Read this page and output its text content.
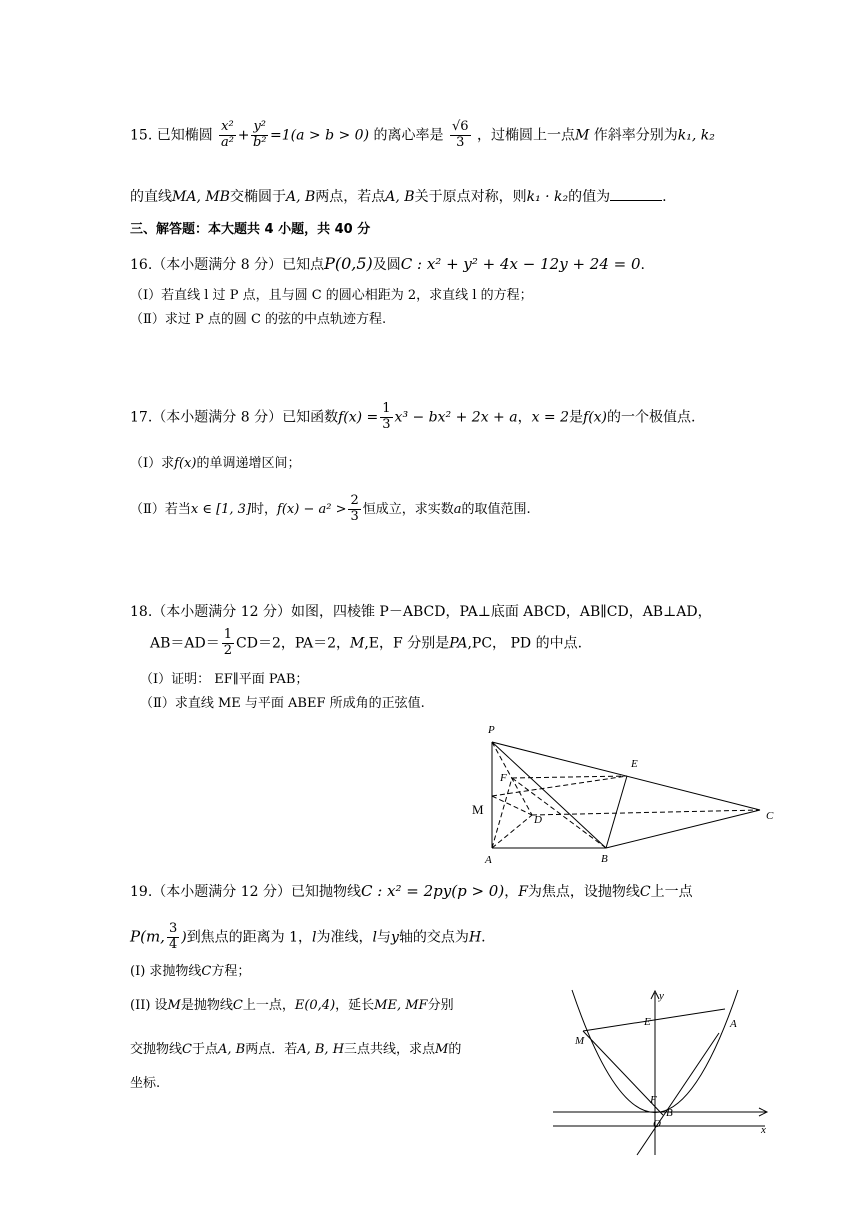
15. 已知椭圆 $\frac{\text{x²}}{\text{a²}} + \frac{\text{y²}}{\text{b²}} =1(a > b > 0)$ 的离心率是 $\frac{√6}{3}$ ，过椭圆上一点M 作斜率分别为k₁, k₂
的直线MA, MB交椭圆于A, B两点，若点A, B关于原点对称，则k₁ · k₂的值为	.
三、解答题：本大题共 4 小题，共 40 分
16.（本小题满分 8 分）已知点P(0,5)及圆C : x² + y² + 4x − 12y + 24 = 0.
（Ⅰ）若直线 l 过 P 点，且与圆 C 的圆心相距为 2，求直线 l 的方程；
（Ⅱ）求过 P 点的圆 C 的弦的中点轨迹方程.
17.（本小题满分 8 分）已知函数$f(x) = \frac{1}{3} x^3 - bx^2 + 2x + a$，x = 2是f(x)的一个极值点.
（Ⅰ）求f(x)的单调递增区间；
（Ⅱ）若当x ∈ [1, 3]时，$f(x) - a^2 > \frac{2}{3}$ 恒成立，求实数a的取值范围.
18.（本小题满分 12 分）如图，四棱锥 P－ABCD，PA⊥底面 ABCD，AB∥CD，AB⊥AD，
$AB=AD= \frac{1}{2} CD=2$，PA＝2，M,E，F 分别是PA,PC， PD 的中点.
（Ⅰ）证明： EF∥平面 PAB；
（Ⅱ）求直线 ME 与平面 ABEF 所成角的正弦值.
P
E
F
M
D	C
A	B
19.（本小题满分 12 分）已知抛物线C : x² = 2py(p > 0)，F为焦点，设抛物线C上一点
P(m, $\frac{3}{4}$ )到焦点的距离为 1，l为准线，l与y轴的交点为H.
(I) 求抛物线C方程；
(II) 设M是抛物线C上一点，E(0,4)，延长ME, MF分别
交抛物线C于点A, B两点．若A, B, H三点共线，求点M的
坐标.
y
x
E	A
M
F
B
O
